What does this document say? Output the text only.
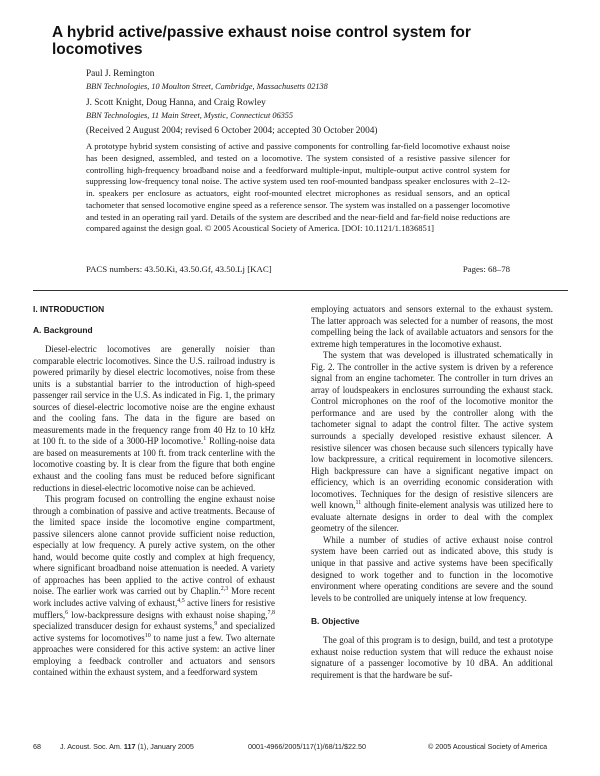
A hybrid active/passive exhaust noise control system for locomotives
Paul J. Remington
BBN Technologies, 10 Moulton Street, Cambridge, Massachusetts 02138
J. Scott Knight, Doug Hanna, and Craig Rowley
BBN Technologies, 11 Main Street, Mystic, Connecticut 06355
(Received 2 August 2004; revised 6 October 2004; accepted 30 October 2004)
A prototype hybrid system consisting of active and passive components for controlling far-field locomotive exhaust noise has been designed, assembled, and tested on a locomotive. The system consisted of a resistive passive silencer for controlling high-frequency broadband noise and a feedforward multiple-input, multiple-output active control system for suppressing low-frequency tonal noise. The active system used ten roof-mounted bandpass speaker enclosures with 2–12-in. speakers per enclosure as actuators, eight roof-mounted electret microphones as residual sensors, and an optical tachometer that sensed locomotive engine speed as a reference sensor. The system was installed on a passenger locomotive and tested in an operating rail yard. Details of the system are described and the near-field and far-field noise reductions are compared against the design goal. © 2005 Acoustical Society of America. [DOI: 10.1121/1.1836851]
PACS numbers: 43.50.Ki, 43.50.Gf, 43.50.Lj [KAC]	Pages: 68–78

I. INTRODUCTION

A. Background

Diesel-electric locomotives are generally noisier than comparable electric locomotives. Since the U.S. railroad industry is powered primarily by diesel electric locomotives, noise from these units is a substantial barrier to the introduction of high-speed passenger rail service in the U.S. As indicated in Fig. 1, the primary sources of diesel-electric locomotive noise are the engine exhaust and the cooling fans. The data in the figure are based on measurements made in the frequency range from 40 Hz to 10 kHz at 100 ft. to the side of a 3000-HP locomotive.$^1$ Rolling-noise data are based on measurements at 100 ft. from track centerline with the locomotive coasting by. It is clear from the figure that both engine exhaust and the cooling fans must be reduced before significant reductions in diesel-electric locomotive noise can be achieved.

This program focused on controlling the engine exhaust noise through a combination of passive and active treatments. Because of the limited space inside the locomotive engine compartment, passive silencers alone cannot provide sufficient noise reduction, especially at low frequency. A purely active system, on the other hand, would become quite costly and complex at high frequency, where significant broadband noise attenuation is needed. A variety of approaches has been applied to the active control of exhaust noise. The earlier work was carried out by Chaplin.$^{2,3}$ More recent work includes active valving of exhaust,$^{4,5}$ active liners for resistive mufflers,$^6$ low-backpressure designs with exhaust noise shaping,$^{7,8}$ specialized transducer design for exhaust systems,$^9$ and specialized active systems for locomotives$^{10}$ to name just a few. Two alternate approaches were considered for this active system: an active liner employing a feedback controller and actuators and sensors contained within the exhaust system, and a feedforward system

employing actuators and sensors external to the exhaust system. The latter approach was selected for a number of reasons, the most compelling being the lack of available actuators and sensors for the extreme high temperatures in the locomotive exhaust.

The system that was developed is illustrated schematically in Fig. 2. The controller in the active system is driven by a reference signal from an engine tachometer. The controller in turn drives an array of loudspeakers in enclosures surrounding the exhaust stack. Control microphones on the roof of the locomotive monitor the performance and are used by the controller along with the tachometer signal to adapt the control filter. The active system surrounds a specially developed resistive exhaust silencer. A resistive silencer was chosen because such silencers typically have low backpressure, a critical requirement in locomotive silencers. High backpressure can have a significant negative impact on efficiency, which is an overriding economic consideration with locomotives. Techniques for the design of resistive silencers are well known,$^{11}$ although finite-element analysis was utilized here to evaluate alternate designs in order to deal with the complex geometry of the silencer.

While a number of studies of active exhaust noise control system have been carried out as indicated above, this study is unique in that passive and active systems have been specifically designed to work together and to function in the locomotive environment where operating conditions are severe and the sound levels to be controlled are uniquely intense at low frequency.

B. Objective

The goal of this program is to design, build, and test a prototype exhaust noise reduction system that will reduce the exhaust noise signature of a passenger locomotive by 10 dBA. An additional requirement is that the hardware be suf-

68	J. Acoust. Soc. Am. 117 (1), January 2005	0001-4966/2005/117(1)/68/11/$22.50	© 2005 Acoustical Society of America
